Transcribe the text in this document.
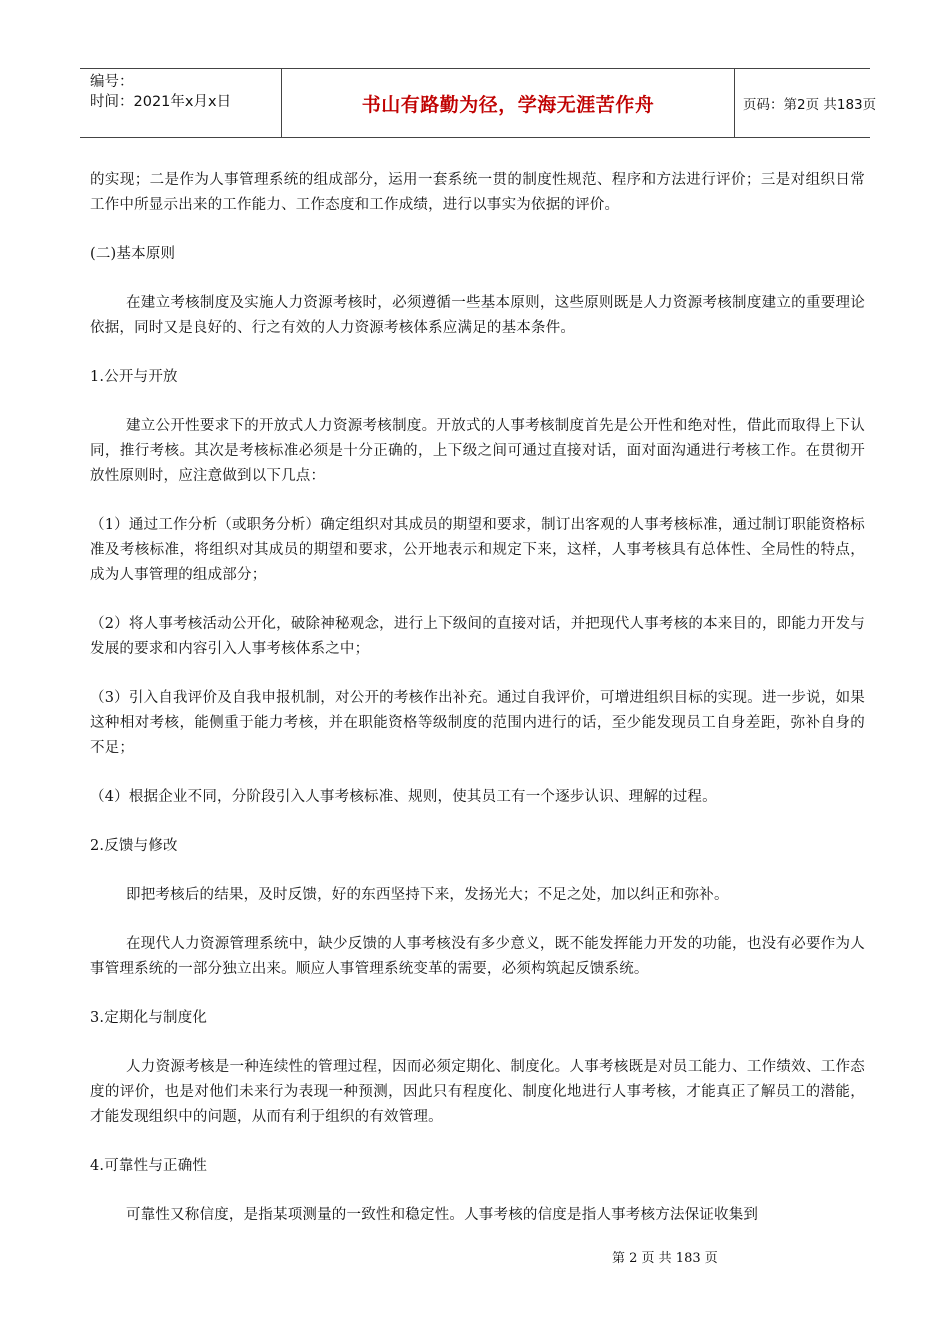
编号：
时间：2021年x月x日	书山有路勤为径，学海无涯苦作舟	页码：第2页 共183页

的实现；二是作为人事管理系统的组成部分，运用一套系统一贯的制度性规范、程序和方法进行评价；三是对组织日常工作中所显示出来的工作能力、工作态度和工作成绩，进行以事实为依据的评价。

(二)基本原则

在建立考核制度及实施人力资源考核时，必须遵循一些基本原则，这些原则既是人力资源考核制度建立的重要理论依据，同时又是良好的、行之有效的人力资源考核体系应满足的基本条件。

1.公开与开放

建立公开性要求下的开放式人力资源考核制度。开放式的人事考核制度首先是公开性和绝对性，借此而取得上下认同，推行考核。其次是考核标准必须是十分正确的，上下级之间可通过直接对话，面对面沟通进行考核工作。在贯彻开放性原则时，应注意做到以下几点：

（1）通过工作分析（或职务分析）确定组织对其成员的期望和要求，制订出客观的人事考核标准，通过制订职能资格标准及考核标准，将组织对其成员的期望和要求，公开地表示和规定下来，这样，人事考核具有总体性、全局性的特点，成为人事管理的组成部分；

（2）将人事考核活动公开化，破除神秘观念，进行上下级间的直接对话，并把现代人事考核的本来目的，即能力开发与发展的要求和内容引入人事考核体系之中；

（3）引入自我评价及自我申报机制，对公开的考核作出补充。通过自我评价，可增进组织目标的实现。进一步说，如果这种相对考核，能侧重于能力考核，并在职能资格等级制度的范围内进行的话，至少能发现员工自身差距，弥补自身的不足；

（4）根据企业不同，分阶段引入人事考核标准、规则，使其员工有一个逐步认识、理解的过程。

2.反馈与修改

即把考核后的结果，及时反馈，好的东西坚持下来，发扬光大；不足之处，加以纠正和弥补。

在现代人力资源管理系统中，缺少反馈的人事考核没有多少意义，既不能发挥能力开发的功能，也没有必要作为人事管理系统的一部分独立出来。顺应人事管理系统变革的需要，必须构筑起反馈系统。

3.定期化与制度化

人力资源考核是一种连续性的管理过程，因而必须定期化、制度化。人事考核既是对员工能力、工作绩效、工作态度的评价，也是对他们未来行为表现一种预测，因此只有程度化、制度化地进行人事考核，才能真正了解员工的潜能，才能发现组织中的问题，从而有利于组织的有效管理。

4.可靠性与正确性

可靠性又称信度，是指某项测量的一致性和稳定性。人事考核的信度是指人事考核方法保证收集到

第 2 页 共 183 页
